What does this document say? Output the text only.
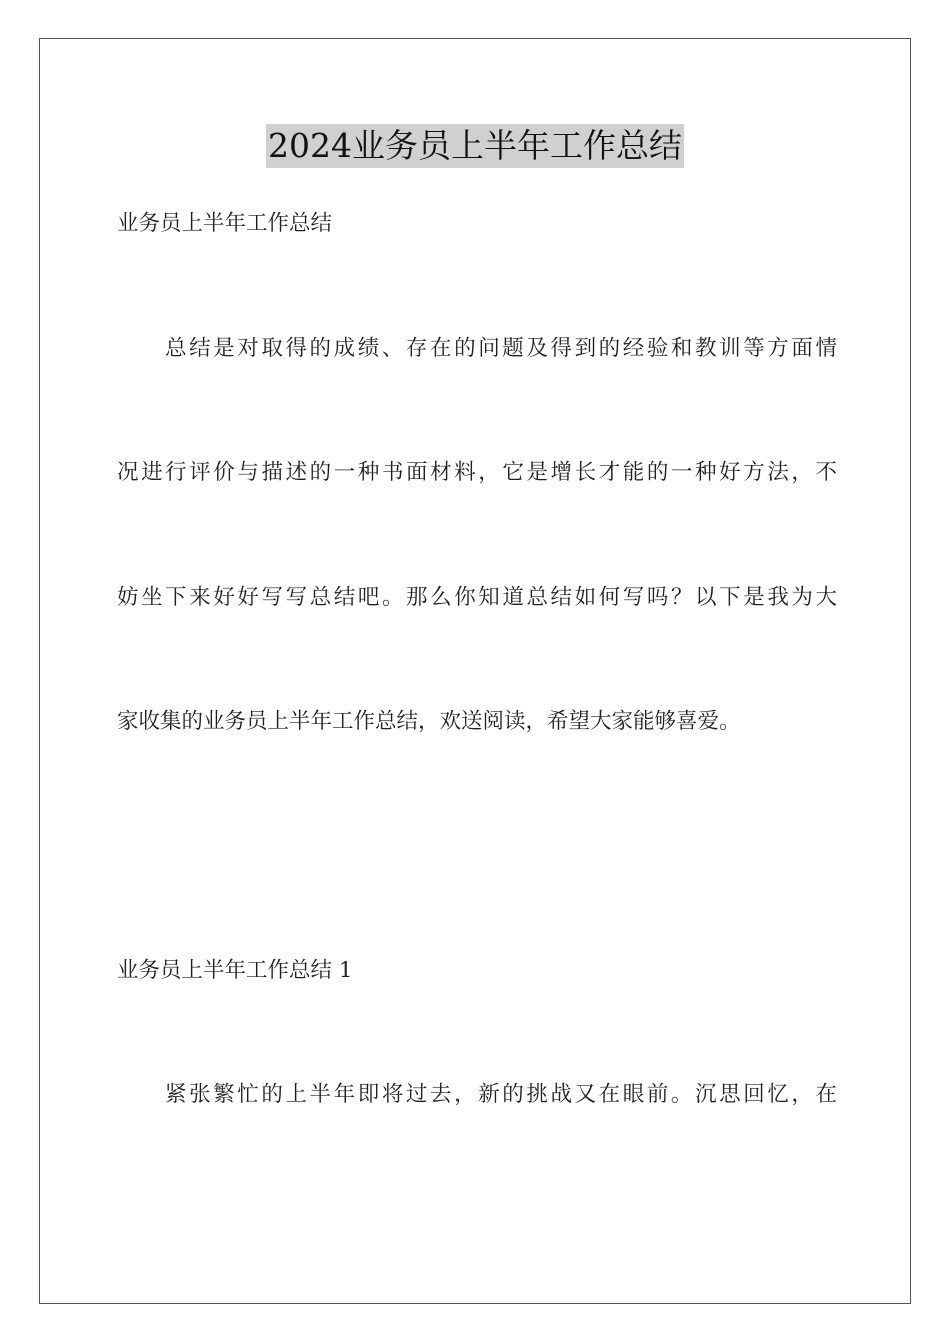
2024业务员上半年工作总结
业务员上半年工作总结
总结是对取得的成绩、存在的问题及得到的经验和教训等方面情
况进行评价与描述的一种书面材料，它是增长才能的一种好方法，不
妨坐下来好好写写总结吧。那么你知道总结如何写吗？以下是我为大
家收集的业务员上半年工作总结，欢送阅读，希望大家能够喜爱。
业务员上半年工作总结 1
紧张繁忙的上半年即将过去，新的挑战又在眼前。沉思回忆，在
